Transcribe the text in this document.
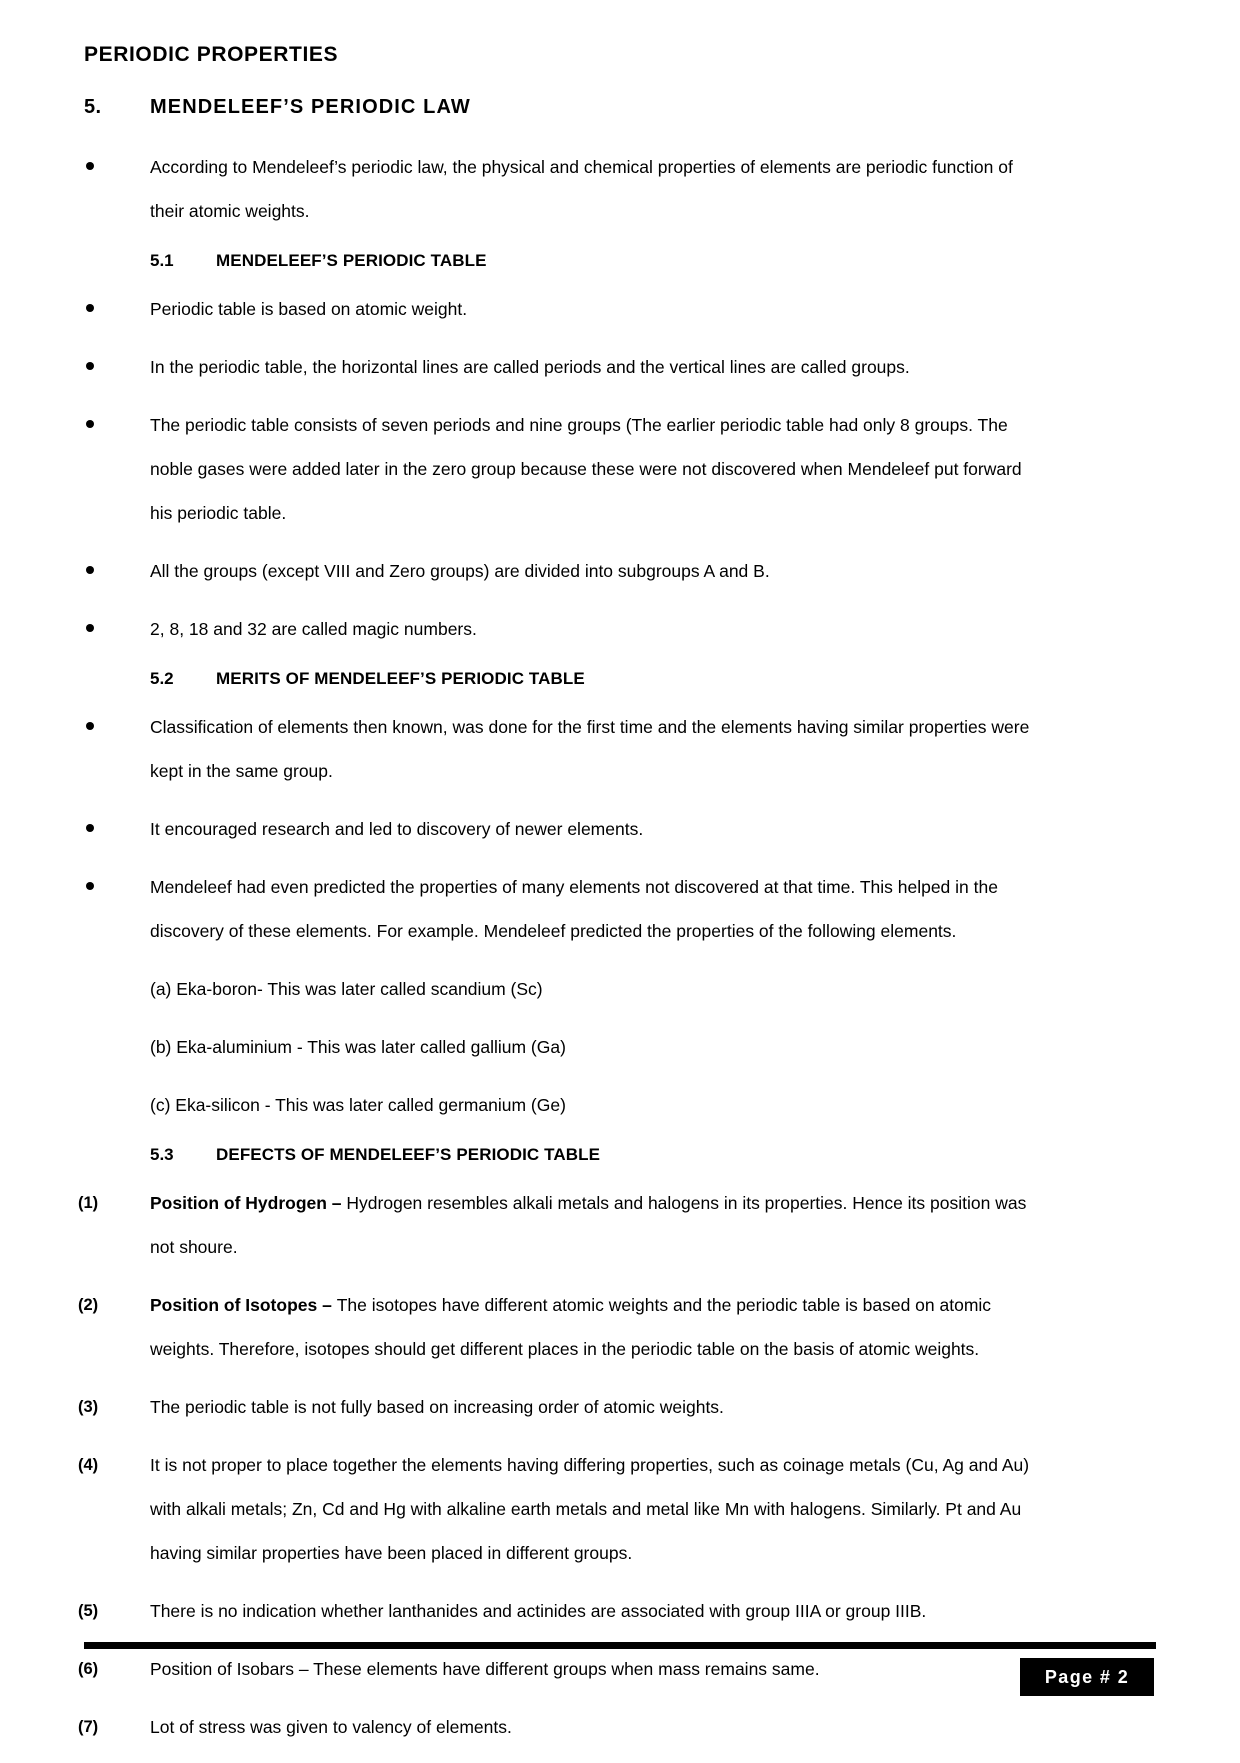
PERIODIC PROPERTIES
5.	MENDELEEF’S PERIODIC LAW
According to Mendeleef’s periodic law, the physical and chemical properties of elements are periodic function of their atomic weights.
5.1	MENDELEEF’S PERIODIC TABLE
Periodic table is based on atomic weight.
In the periodic table, the horizontal lines are called periods and the vertical lines are called groups.
The periodic table consists of seven periods and nine groups (The earlier periodic table had only 8 groups. The noble gases were added later in the zero group because these were not discovered when Mendeleef put forward his periodic table.
All the groups (except VIII and Zero groups) are divided into subgroups A and B.
2, 8, 18 and 32 are called magic numbers.
5.2	MERITS OF MENDELEEF’S PERIODIC TABLE
Classification of elements then known, was done for the first time and the elements having similar properties were kept in the same group.
It encouraged research and led to discovery of newer elements.
Mendeleef had even predicted the properties of many elements not discovered at that time. This helped in the discovery of these elements. For example. Mendeleef predicted the properties of the following elements.
(a) Eka-boron- This was later called scandium (Sc)
(b) Eka-aluminium - This was later called gallium (Ga)
(c) Eka-silicon - This was later called germanium (Ge)
5.3	DEFECTS OF MENDELEEF’S PERIODIC TABLE
(1)	Position of Hydrogen – Hydrogen resembles alkali metals and halogens in its properties. Hence its position was not shoure.
(2)	Position of Isotopes – The isotopes have different atomic weights and the periodic table is based on atomic weights. Therefore, isotopes should get different places in the periodic table on the basis of atomic weights.
(3)	The periodic table is not fully based on increasing order of atomic weights.
(4)	It is not proper to place together the elements having differing properties, such as coinage metals (Cu, Ag and Au) with alkali metals; Zn, Cd and Hg with alkaline earth metals and metal like Mn with halogens. Similarly. Pt and Au having similar properties have been placed in different groups.
(5)	There is no indication whether lanthanides and actinides are associated with group IIIA or group IIIB.
(6)	Position of Isobars – These elements have different groups when mass remains same.
(7)	Lot of stress was given to valency of elements.
Page # 2
